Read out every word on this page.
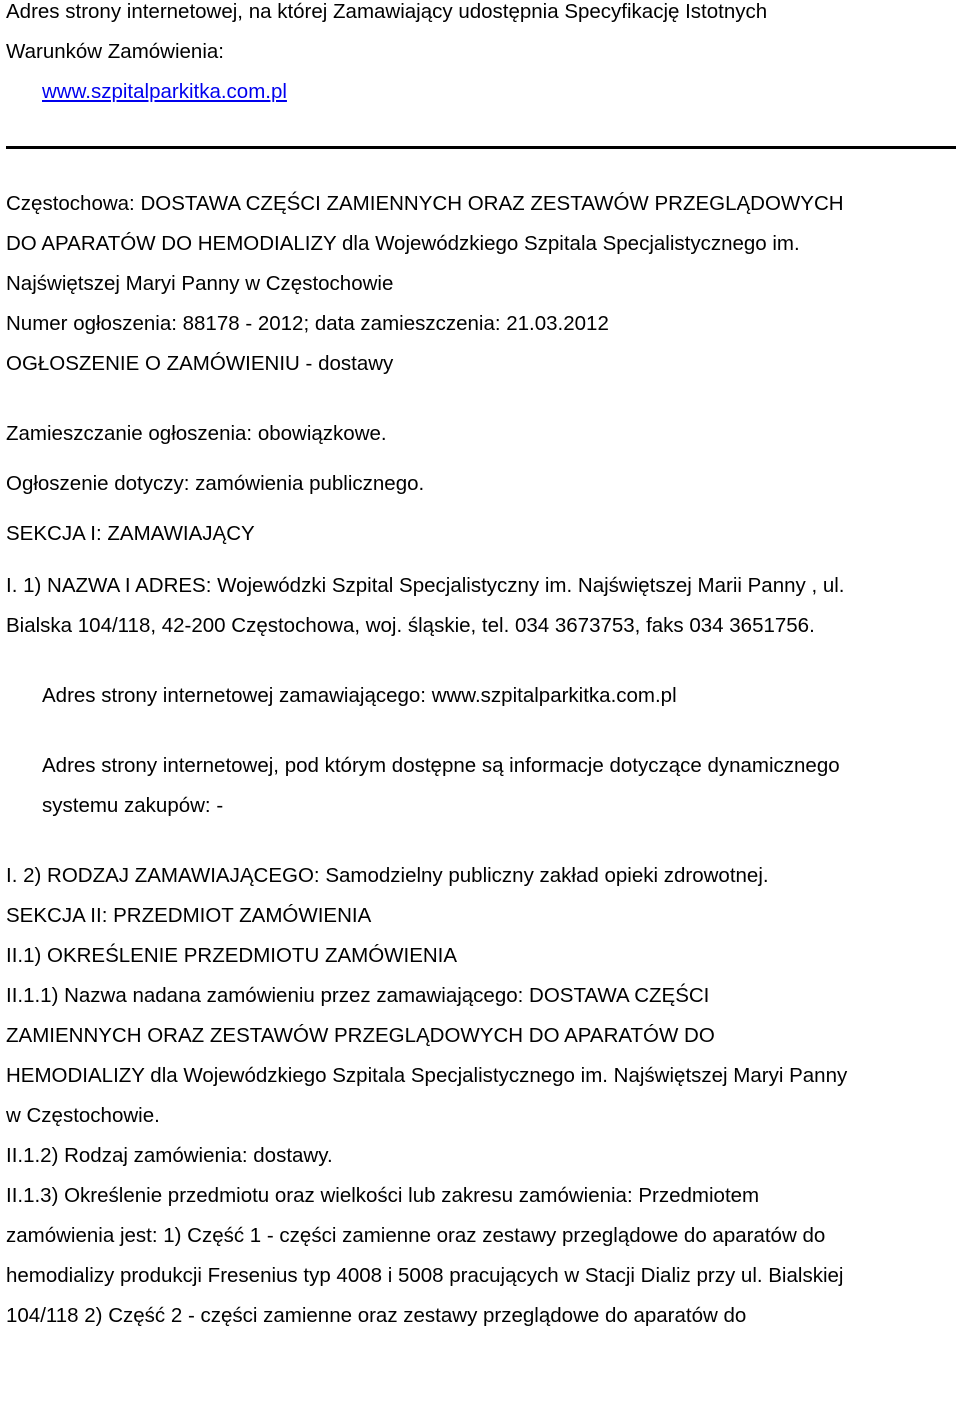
Adres strony internetowej, na której Zamawiający udostępnia Specyfikację Istotnych

Warunków Zamówienia:

www.szpitalparkitka.com.pl

Częstochowa: DOSTAWA CZĘŚCI ZAMIENNYCH ORAZ ZESTAWÓW PRZEGLĄDOWYCH

DO APARATÓW DO HEMODIALIZY dla Wojewódzkiego Szpitala Specjalistycznego im.

Najświętszej Maryi Panny w Częstochowie

Numer ogłoszenia: 88178 - 2012; data zamieszczenia: 21.03.2012

OGŁOSZENIE O ZAMÓWIENIU - dostawy

Zamieszczanie ogłoszenia: obowiązkowe.

Ogłoszenie dotyczy: zamówienia publicznego.

SEKCJA I: ZAMAWIAJĄCY

I. 1) NAZWA I ADRES: Wojewódzki Szpital Specjalistyczny im. Najświętszej Marii Panny , ul.

Bialska 104/118, 42-200 Częstochowa, woj. śląskie, tel. 034 3673753, faks 034 3651756.

Adres strony internetowej zamawiającego: www.szpitalparkitka.com.pl

Adres strony internetowej, pod którym dostępne są informacje dotyczące dynamicznego

systemu zakupów: -

I. 2) RODZAJ ZAMAWIAJĄCEGO: Samodzielny publiczny zakład opieki zdrowotnej.

SEKCJA II: PRZEDMIOT ZAMÓWIENIA

II.1) OKREŚLENIE PRZEDMIOTU ZAMÓWIENIA

II.1.1) Nazwa nadana zamówieniu przez zamawiającego: DOSTAWA CZĘŚCI

ZAMIENNYCH ORAZ ZESTAWÓW PRZEGLĄDOWYCH DO APARATÓW DO

HEMODIALIZY dla Wojewódzkiego Szpitala Specjalistycznego im. Najświętszej Maryi Panny

w Częstochowie.

II.1.2) Rodzaj zamówienia: dostawy.

II.1.3) Określenie przedmiotu oraz wielkości lub zakresu zamówienia: Przedmiotem

zamówienia jest: 1) Część 1 - części zamienne oraz zestawy przeglądowe do aparatów do

hemodializy produkcji Fresenius typ 4008 i 5008 pracujących w Stacji Dializ przy ul. Bialskiej

104/118 2) Część 2 - części zamienne oraz zestawy przeglądowe do aparatów do
